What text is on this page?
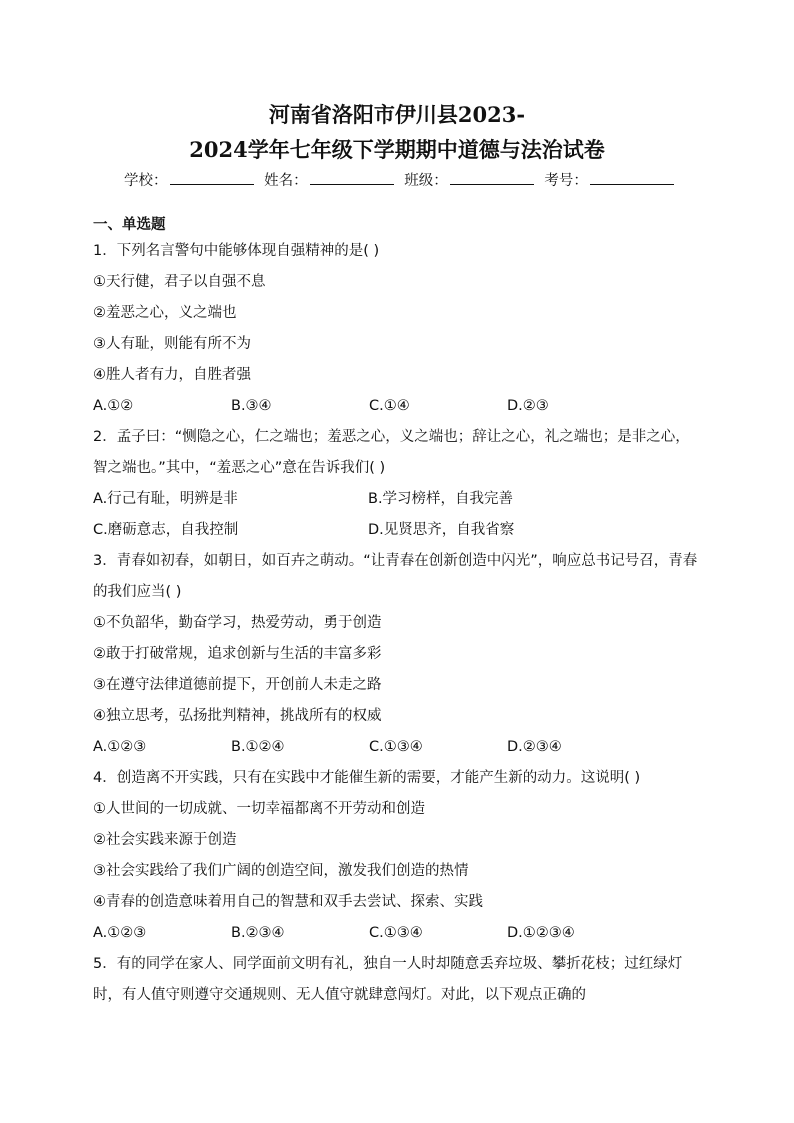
河南省洛阳市伊川县2023-
2024学年七年级下学期期中道德与法治试卷
学校：	姓名：	班级：	考号：
一、单选题
1．下列名言警句中能够体现自强精神的是( )
①天行健，君子以自强不息
②羞恶之心，义之端也
③人有耻，则能有所不为
④胜人者有力，自胜者强
A.①②	B.③④	C.①④	D.②③
2．孟子曰：“恻隐之心，仁之端也；羞恶之心，义之端也；辞让之心，礼之端也；是非之心，智之端也。”其中，“羞恶之心”意在告诉我们( )
A.行己有耻，明辨是非	B.学习榜样，自我完善
C.磨砺意志，自我控制	D.见贤思齐，自我省察
3．青春如初春，如朝日，如百卉之萌动。“让青春在创新创造中闪光”，响应总书记号召，青春的我们应当( )
①不负韶华，勤奋学习，热爱劳动，勇于创造
②敢于打破常规，追求创新与生活的丰富多彩
③在遵守法律道德前提下，开创前人未走之路
④独立思考，弘扬批判精神，挑战所有的权威
A.①②③	B.①②④	C.①③④	D.②③④
4．创造离不开实践，只有在实践中才能催生新的需要，才能产生新的动力。这说明( )
①人世间的一切成就、一切幸福都离不开劳动和创造
②社会实践来源于创造
③社会实践给了我们广阔的创造空间，激发我们创造的热情
④青春的创造意味着用自己的智慧和双手去尝试、探索、实践
A.①②③	B.②③④	C.①③④	D.①②③④
5．有的同学在家人、同学面前文明有礼，独自一人时却随意丢弃垃圾、攀折花枝；过红绿灯时，有人值守则遵守交通规则、无人值守就肆意闯灯。对此，以下观点正确的
